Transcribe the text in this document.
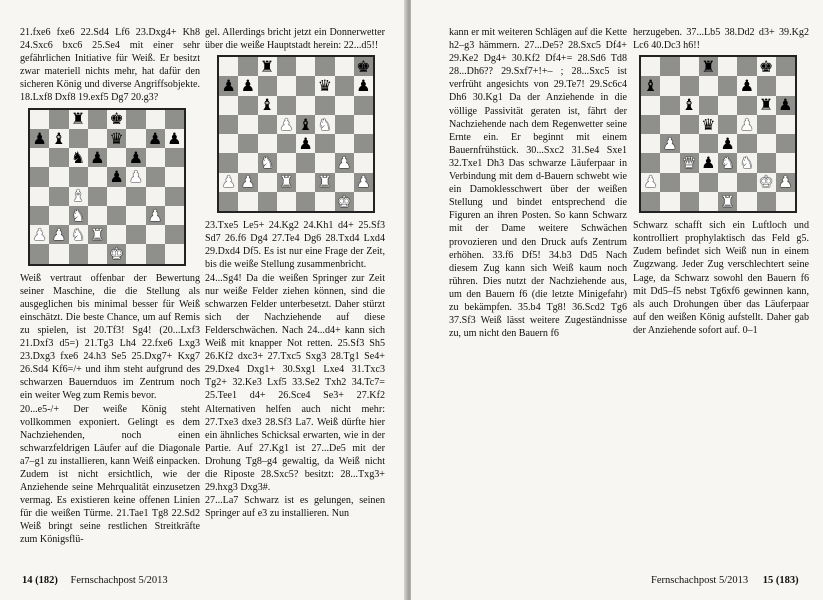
21.fxe6 fxe6 22.Sd4 Lf6 23.Dxg4+ Kh8 24.Sxc6 bxc6 25.Se4 mit einer sehr gefährlichen Initiative für Weiß. Er besitzt zwar materiell nichts mehr, hat dafür den sicheren König und diverse Angriffsobjekte. 18.Lxf8 Dxf8 19.exf5 Dg7 20.g3?

♜ ♚
♟ ♝	♛ ♟ ♟
♞ ♟ ♟
♟ ♟
♝
♞	♟
♟ ♟ ♞ ♜
♚

Weiß vertraut offenbar der Bewertung seiner Maschine, die die Stellung als ausgeglichen bis minimal besser für Weiß einschätzt. Die beste Chance, um auf Remis zu spielen, ist 20.Tf3! Sg4! (20...Lxf3 21.Dxf3 d5=) 21.Tg3 Lh4 22.fxe6 Lxg3 23.Dxg3 fxe6 24.h3 Se5 25.Dxg7+ Kxg7 26.Sd4 Kf6=/+ und ihm steht aufgrund des schwarzen Bauernduos im Zentrum noch ein weiter Weg zum Remis bevor.

20...e5-/+ Der weiße König steht vollkommen exponiert. Gelingt es dem Nachziehenden, noch einen schwarzfeldrigen Läufer auf die Diagonale a7–g1 zu installieren, kann Weiß einpacken. Zudem ist nicht ersichtlich, wie der Anziehende seine Mehrqualität einzusetzen vermag. Es existieren keine offenen Linien für die weißen Türme. 21.Tae1 Tg8 22.Sd2 Weiß bringt seine restlichen Streitkräfte zum Königsflü-

gel. Allerdings bricht jetzt ein Donnerwetter über die weiße Hauptstadt herein: 22...d5!!

♜	♚
♟ ♟	♛ ♟
♝
♟ ♝ ♞
♟
♞	♟
♟ ♟ ♜ ♜ ♟
♚

23.Txe5 Le5+ 24.Kg2 24.Kh1 d4+ 25.Sf3 Sd7 26.f6 Dg4 27.Te4 Dg6 28.Txd4 Lxd4 29.Dxd4 Df5. Es ist nur eine Frage der Zeit, bis die weiße Stellung zusammenbricht.

24...Sg4! Da die weißen Springer zur Zeit nur weiße Felder ziehen können, sind die schwarzen Felder unterbesetzt. Daher stürzt sich der Nachziehende auf diese Felderschwächen. Nach 24...d4+ kann sich Weiß mit knapper Not retten. 25.Sf3 Sh5 26.Kf2 dxc3+ 27.Txc5 Sxg3 28.Tg1 Se4+ 29.Dxe4 Dxg1+ 30.Sxg1 Lxe4 31.Txc3 Tg2+ 32.Ke3 Lxf5 33.Se2 Txh2 34.Tc7= 25.Tee1 d4+ 26.Sce4 Se3+ 27.Kf2 Alternativen helfen auch nicht mehr: 27.Txe3 dxe3 28.Sf3 La7. Weiß dürfte hier ein ähnliches Schicksal erwarten, wie in der Partie. Auf 27.Kg1 ist 27...De5 mit der Drohung Tg8–g4 gewaltig, da Weiß nicht die Riposte 28.Sxc5? besitzt: 28...Txg3+ 29.hxg3 Dxg3#.

27...La7 Schwarz ist es gelungen, seinen Springer auf e3 zu installieren. Nun

14 (182) Fernschachpost 5/2013

kann er mit weiteren Schlägen auf die Kette h2–g3 hämmern. 27...De5? 28.Sxc5 Df4+ 29.Ke2 Dg4+ 30.Kf2 Df4+= 28.Sd6 Td8 28...Dh6?? 29.Sxf7+!+– ; 28...Sxc5 ist verfrüht angesichts von 29.Te7! 29.Sc6c4 Dh6 30.Kg1 Da der Anziehende in die völlige Passivität geraten ist, fährt der Nachziehende nach dem Regenwetter seine Ernte ein. Er beginnt mit einem Bauernfrühstück. 30...Sxc2 31.Se4 Sxe1 32.Txe1 Dh3 Das schwarze Läuferpaar in Verbindung mit dem d-Bauern schwebt wie ein Damoklesschwert über der weißen Stellung und bindet entsprechend die Figuren an ihren Posten. So kann Schwarz mit der Dame weitere Schwächen provozieren und den Druck aufs Zentrum erhöhen. 33.f6 Df5! 34.b3 Dd5 Nach diesem Zug kann sich Weiß kaum noch rühren. Dies nutzt der Nachziehende aus, um den Bauern f6 (die letzte Minigefahr) zu bekämpfen. 35.b4 Tg8! 36.Scd2 Tg6 37.Sf3 Weiß lässt weitere Zugeständnisse zu, um nicht den Bauern f6

herzugeben. 37...Lb5 38.Dd2 d3+ 39.Kg2 Lc6 40.Dc3 h6!!

♜	♚
♝	♟
♝	♜ ♟
♛ ♟
♟	♟
♛ ♟ ♞ ♞
♟	♚ ♟
♜

Schwarz schafft sich ein Luftloch und kontrolliert prophylaktisch das Feld g5. Zudem befindet sich Weiß nun in einem Zugzwang. Jeder Zug verschlechtert seine Lage, da Schwarz sowohl den Bauern f6 mit Dd5–f5 nebst Tg6xf6 gewinnen kann, als auch Drohungen über das Läuferpaar auf den weißen König aufstellt. Daher gab der Anziehende sofort auf. 0–1

Fernschachpost 5/2013 15 (183)
